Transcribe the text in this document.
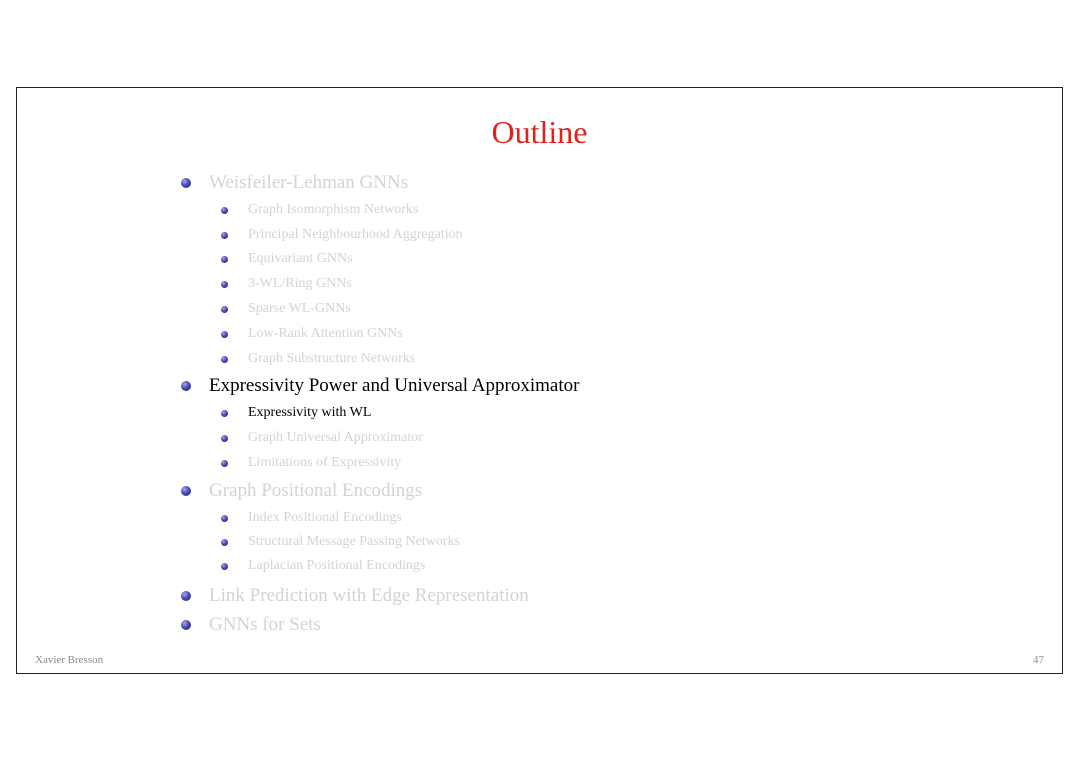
Outline
Weisfeiler-Lehman GNNs
Graph Isomorphism Networks
Principal Neighbourhood Aggregation
Equivariant GNNs
3-WL/Ring GNNs
Sparse WL-GNNs
Low-Rank Attention GNNs
Graph Substructure Networks
Expressivity Power and Universal Approximator
Expressivity with WL
Graph Universal Approximator
Limitations of Expressivity
Graph Positional Encodings
Index Positional Encodings
Structural Message Passing Networks
Laplacian Positional Encodings
Link Prediction with Edge Representation
GNNs for Sets
Xavier Bresson	47
